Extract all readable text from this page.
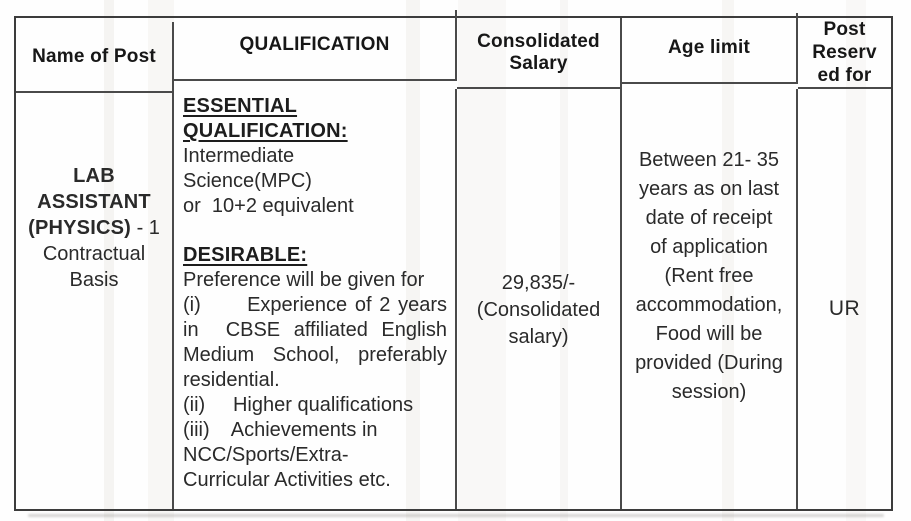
Name of Post
QUALIFICATION	Consolidated Salary
Age limit
Post
Reserv
ed for
LAB
ASSISTANT
(PHYSICS) - 1
Contractual
Basis
ESSENTIAL
QUALIFICATION:
Intermediate
Science(MPC)
or  10+2 equivalent
DESIRABLE:
Preference will be given for
(i)      Experience of 2 years
in  CBSE affiliated English
Medium School, preferably
residential.
(ii)     Higher qualifications
(iii)    Achievements in
NCC/Sports/Extra-
Curricular Activities etc.
29,835/-
(Consolidated
salary)
Between 21- 35
years as on last
date of receipt
of application
(Rent free
accommodation,
Food will be
provided (During
session)
UR
